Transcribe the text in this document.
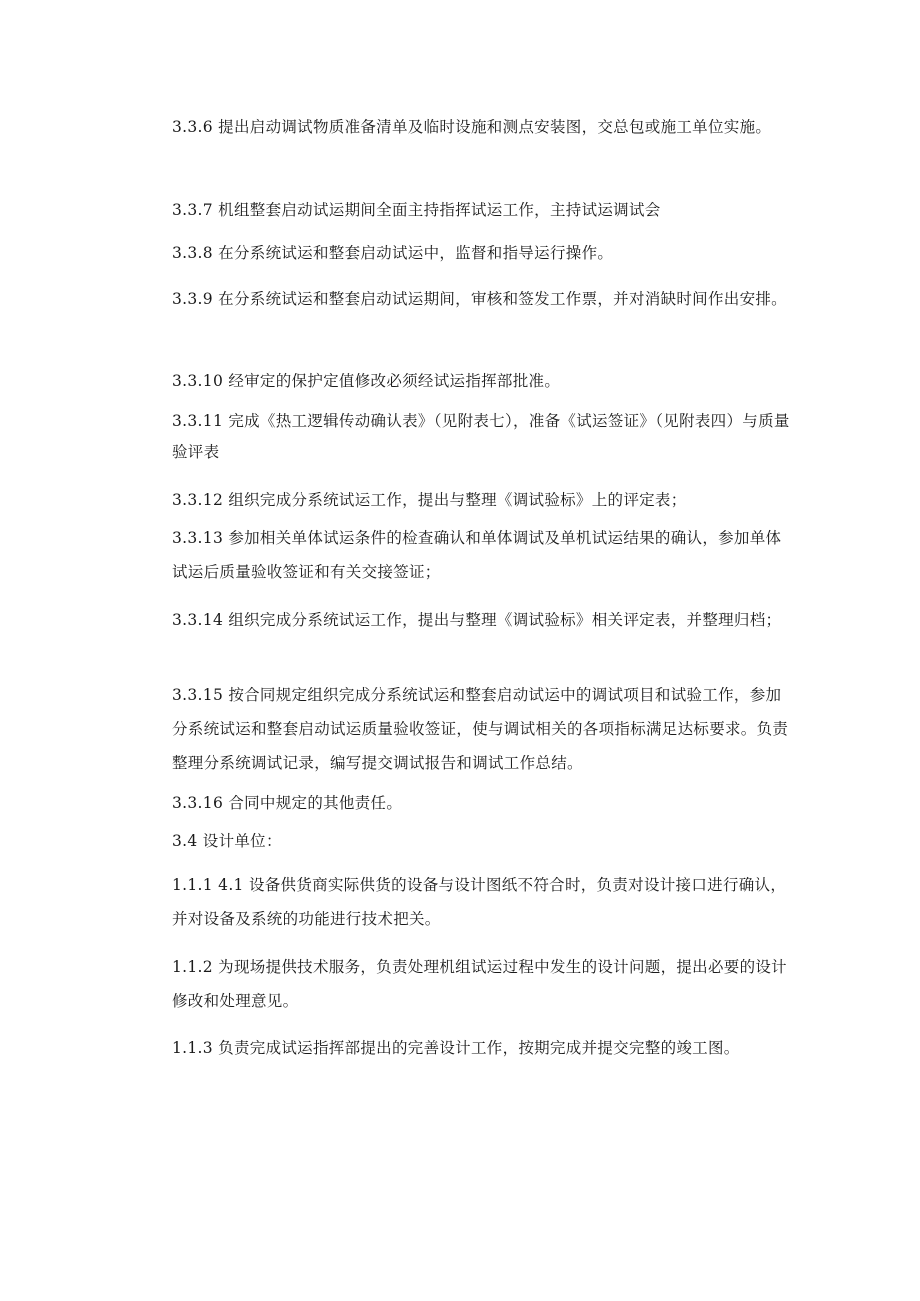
3.3.6 提出启动调试物质准备清单及临时设施和测点安装图，交总包或施工单位实施。

3.3.7 机组整套启动试运期间全面主持指挥试运工作，主持试运调试会

3.3.8 在分系统试运和整套启动试运中，监督和指导运行操作。

3.3.9 在分系统试运和整套启动试运期间，审核和签发工作票，并对消缺时间作出安排。

3.3.10 经审定的保护定值修改必须经试运指挥部批准。

3.3.11 完成《热工逻辑传动确认表》（见附表七），准备《试运签证》（见附表四）与质量验评表

3.3.12 组织完成分系统试运工作，提出与整理《调试验标》上的评定表；

3.3.13 参加相关单体试运条件的检查确认和单体调试及单机试运结果的确认，参加单体试运后质量验收签证和有关交接签证；

3.3.14 组织完成分系统试运工作，提出与整理《调试验标》相关评定表，并整理归档；

3.3.15 按合同规定组织完成分系统试运和整套启动试运中的调试项目和试验工作，参加分系统试运和整套启动试运质量验收签证，使与调试相关的各项指标满足达标要求。负责整理分系统调试记录，编写提交调试报告和调试工作总结。

3.3.16 合同中规定的其他责任。

3.4 设计单位：

1.1.1 4.1 设备供货商实际供货的设备与设计图纸不符合时，负责对设计接口进行确认，并对设备及系统的功能进行技术把关。

1.1.2 为现场提供技术服务，负责处理机组试运过程中发生的设计问题，提出必要的设计修改和处理意见。

1.1.3 负责完成试运指挥部提出的完善设计工作，按期完成并提交完整的竣工图。
